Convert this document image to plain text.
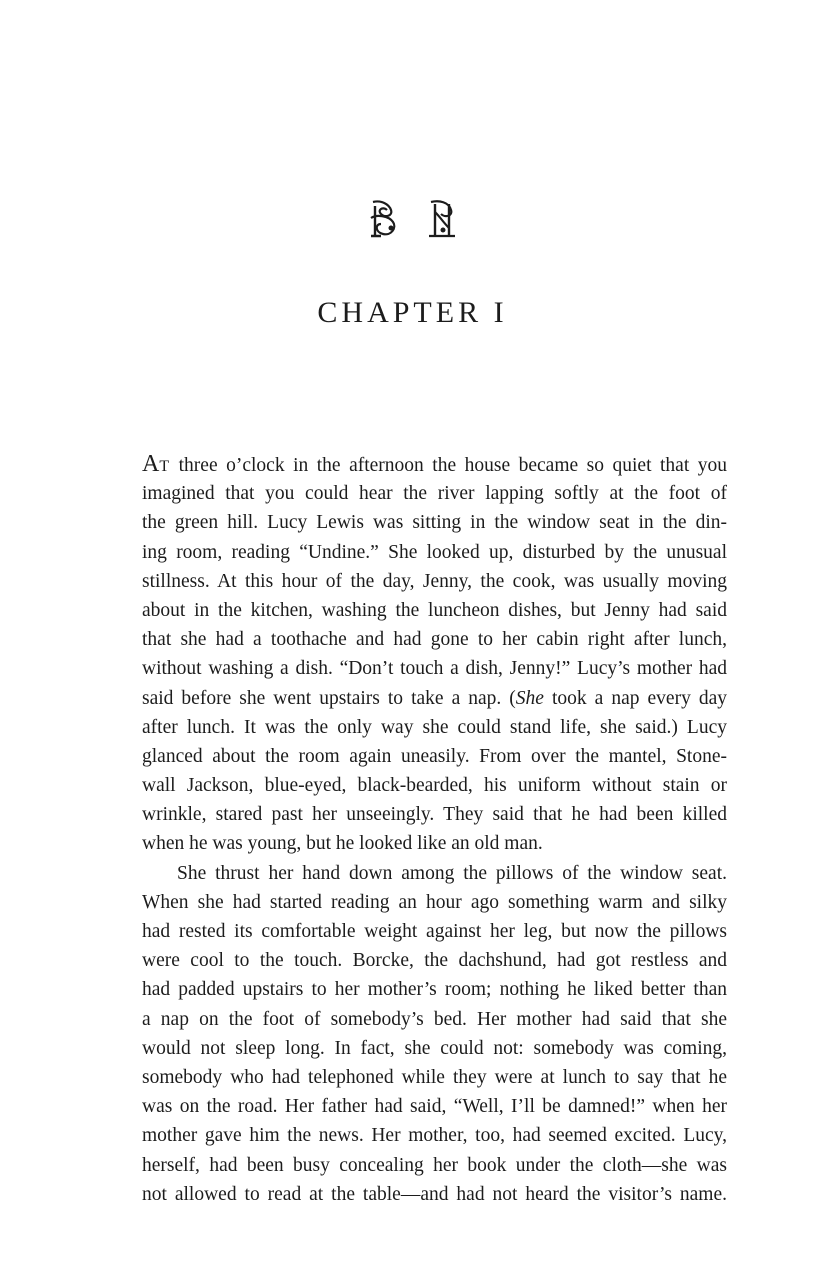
CHAPTER I
AT three o’clock in the afternoon the house became so quiet that you
imagined that you could hear the river lapping softly at the foot of
the green hill. Lucy Lewis was sitting in the window seat in the din-
ing room, reading “Undine.” She looked up, disturbed by the unusual
stillness. At this hour of the day, Jenny, the cook, was usually moving
about in the kitchen, washing the luncheon dishes, but Jenny had said
that she had a toothache and had gone to her cabin right after lunch,
without washing a dish. “Don’t touch a dish, Jenny!” Lucy’s mother had
said before she went upstairs to take a nap. (She took a nap every day
after lunch. It was the only way she could stand life, she said.) Lucy
glanced about the room again uneasily. From over the mantel, Stone-
wall Jackson, blue-eyed, black-bearded, his uniform without stain or
wrinkle, stared past her unseeingly. They said that he had been killed
when he was young, but he looked like an old man.
She thrust her hand down among the pillows of the window seat.
When she had started reading an hour ago something warm and silky
had rested its comfortable weight against her leg, but now the pillows
were cool to the touch. Borcke, the dachshund, had got restless and
had padded upstairs to her mother’s room; nothing he liked better than
a nap on the foot of somebody’s bed. Her mother had said that she
would not sleep long. In fact, she could not: somebody was coming,
somebody who had telephoned while they were at lunch to say that he
was on the road. Her father had said, “Well, I’ll be damned!” when her
mother gave him the news. Her mother, too, had seemed excited. Lucy,
herself, had been busy concealing her book under the cloth—she was
not allowed to read at the table—and had not heard the visitor’s name.
